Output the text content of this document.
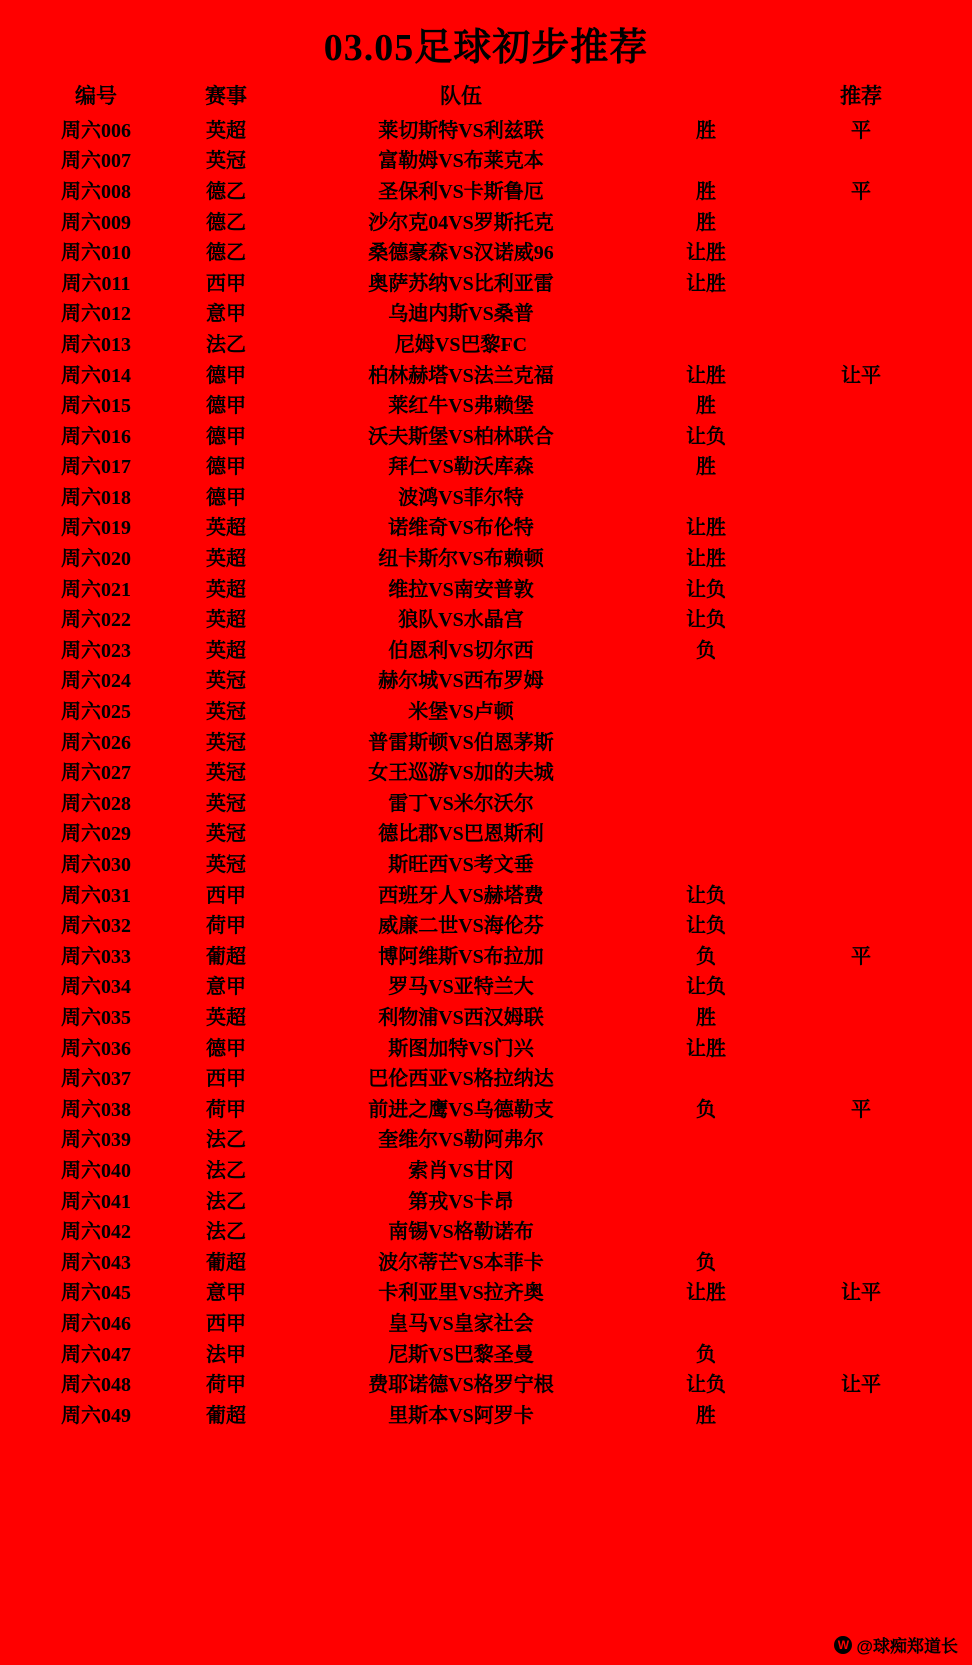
03.05足球初步推荐
编号	赛事	队伍		推荐
周六006	英超	莱切斯特VS利兹联	胜	平
周六007	英冠	富勒姆VS布莱克本		
周六008	德乙	圣保利VS卡斯鲁厄	胜	平
周六009	德乙	沙尔克04VS罗斯托克	胜	
周六010	德乙	桑德豪森VS汉诺威96	让胜	
周六011	西甲	奥萨苏纳VS比利亚雷	让胜	
周六012	意甲	乌迪内斯VS桑普		
周六013	法乙	尼姆VS巴黎FC		
周六014	德甲	柏林赫塔VS法兰克福	让胜	让平
周六015	德甲	莱红牛VS弗赖堡	胜	
周六016	德甲	沃夫斯堡VS柏林联合	让负	
周六017	德甲	拜仁VS勒沃库森	胜	
周六018	德甲	波鸿VS菲尔特		
周六019	英超	诺维奇VS布伦特	让胜	
周六020	英超	纽卡斯尔VS布赖顿	让胜	
周六021	英超	维拉VS南安普敦	让负	
周六022	英超	狼队VS水晶宫	让负	
周六023	英超	伯恩利VS切尔西	负	
周六024	英冠	赫尔城VS西布罗姆		
周六025	英冠	米堡VS卢顿		
周六026	英冠	普雷斯顿VS伯恩茅斯		
周六027	英冠	女王巡游VS加的夫城		
周六028	英冠	雷丁VS米尔沃尔		
周六029	英冠	德比郡VS巴恩斯利		
周六030	英冠	斯旺西VS考文垂		
周六031	西甲	西班牙人VS赫塔费	让负	
周六032	荷甲	威廉二世VS海伦芬	让负	
周六033	葡超	博阿维斯VS布拉加	负	平
周六034	意甲	罗马VS亚特兰大	让负	
周六035	英超	利物浦VS西汉姆联	胜	
周六036	德甲	斯图加特VS门兴	让胜	
周六037	西甲	巴伦西亚VS格拉纳达		
周六038	荷甲	前进之鹰VS乌德勒支	负	平
周六039	法乙	奎维尔VS勒阿弗尔		
周六040	法乙	索肖VS甘冈		
周六041	法乙	第戎VS卡昂		
周六042	法乙	南锡VS格勒诺布		
周六043	葡超	波尔蒂芒VS本菲卡	负	
周六045	意甲	卡利亚里VS拉齐奥	让胜	让平
周六046	西甲	皇马VS皇家社会		
周六047	法甲	尼斯VS巴黎圣曼	负	
周六048	荷甲	费耶诺德VS格罗宁根	让负	让平
周六049	葡超	里斯本VS阿罗卡	胜	
W @球痴郑道长
